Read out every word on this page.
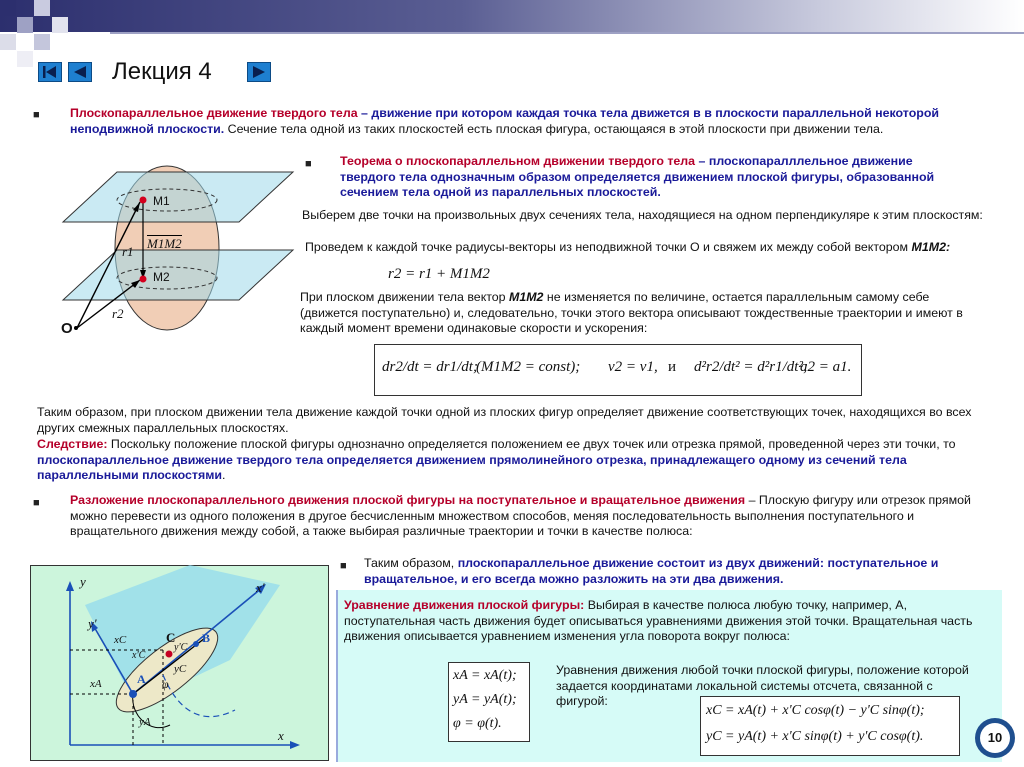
Лекция 4
■ Плоскопараллельное движение твердого тела – движение при котором каждая точка тела движется в в плоскости параллельной некоторой неподвижной плоскости. Сечение тела одной из таких плоскостей есть плоская фигура, остающаяся в этой плоскости при движении тела.
O
M1
M2
r1
r2
M1M2
■ Теорема о плоскопараллельном движении твердого тела – плоскопаралллельное движение твердого тела однозначным образом определяется движением плоской фигуры, образованной сечением тела одной из параллельных плоскостей.
Выберем две точки на произвольных двух сечениях тела, находящиеся на одном перпендикуляре к этим плоскостям:
Проведем к каждой точке радиусы-векторы из неподвижной точки О и свяжем их между собой вектором M1M2:
r2 = r1 + M1M2
При плоском движении тела вектор M1M2 не изменяется по величине, остается параллельным самому себе (движется поступательно) и, следовательно, точки этого вектора описывают тождественные траектории и имеют в каждый момент времени одинаковые скорости и ускорения:
dr2/dt = dr1/dt;
(M1M2 = const); v2 = v1, и d²r2/dt² = d²r1/dt²;
a2 = a1.
Таким образом, при плоском движении тела движение каждой точки одной из плоских фигур определяет движение соответствующих точек, находящихся во всех других смежных параллельных плоскостях.
Следствие: Поскольку положение плоской фигуры однозначно определяется положением ее двух точек или отрезка прямой, проведенной через эти точки, то плоскопараллельное движение твердого тела определяется движением прямолинейного отрезка, принадлежащего одному из сечений тела параллельными плоскостями.
■ Разложение плоскопараллельного движения плоской фигуры на поступательное и вращательное движения – Плоскую фигуру или отрезок прямой можно перевести из одного положения в другое бесчисленным множеством способов, меняя последовательность выполнения поступательного и вращательного движения между собой, а также выбирая различные траектории и точки в качестве полюса:
■ Таким образом, плоскопараллельное движение состоит из двух движений: поступательное и вращательное, и его всегда можно разложить на эти два движения.
y
x
x'
y'
A
B
C
xC
yC
xA
yA
φ
x'C
y'C
Уравнение движения плоской фигуры: Выбирая в качестве полюса любую точку, например, A, поступательная часть движения будет описываться уравнениями движения этой точки. Вращательная часть движения описывается уравнением изменения угла поворота вокруг полюса:
xA = xA(t);
yA = yA(t);
φ = φ(t).
Уравнения движения любой точки плоской фигуры, положение которой задается координатами локальной системы отсчета, связанной с фигурой:
xC = xA(t) + x'C cosφ(t) − y'C sinφ(t);
yC = yA(t) + x'C sinφ(t) + y'C cosφ(t).	10
